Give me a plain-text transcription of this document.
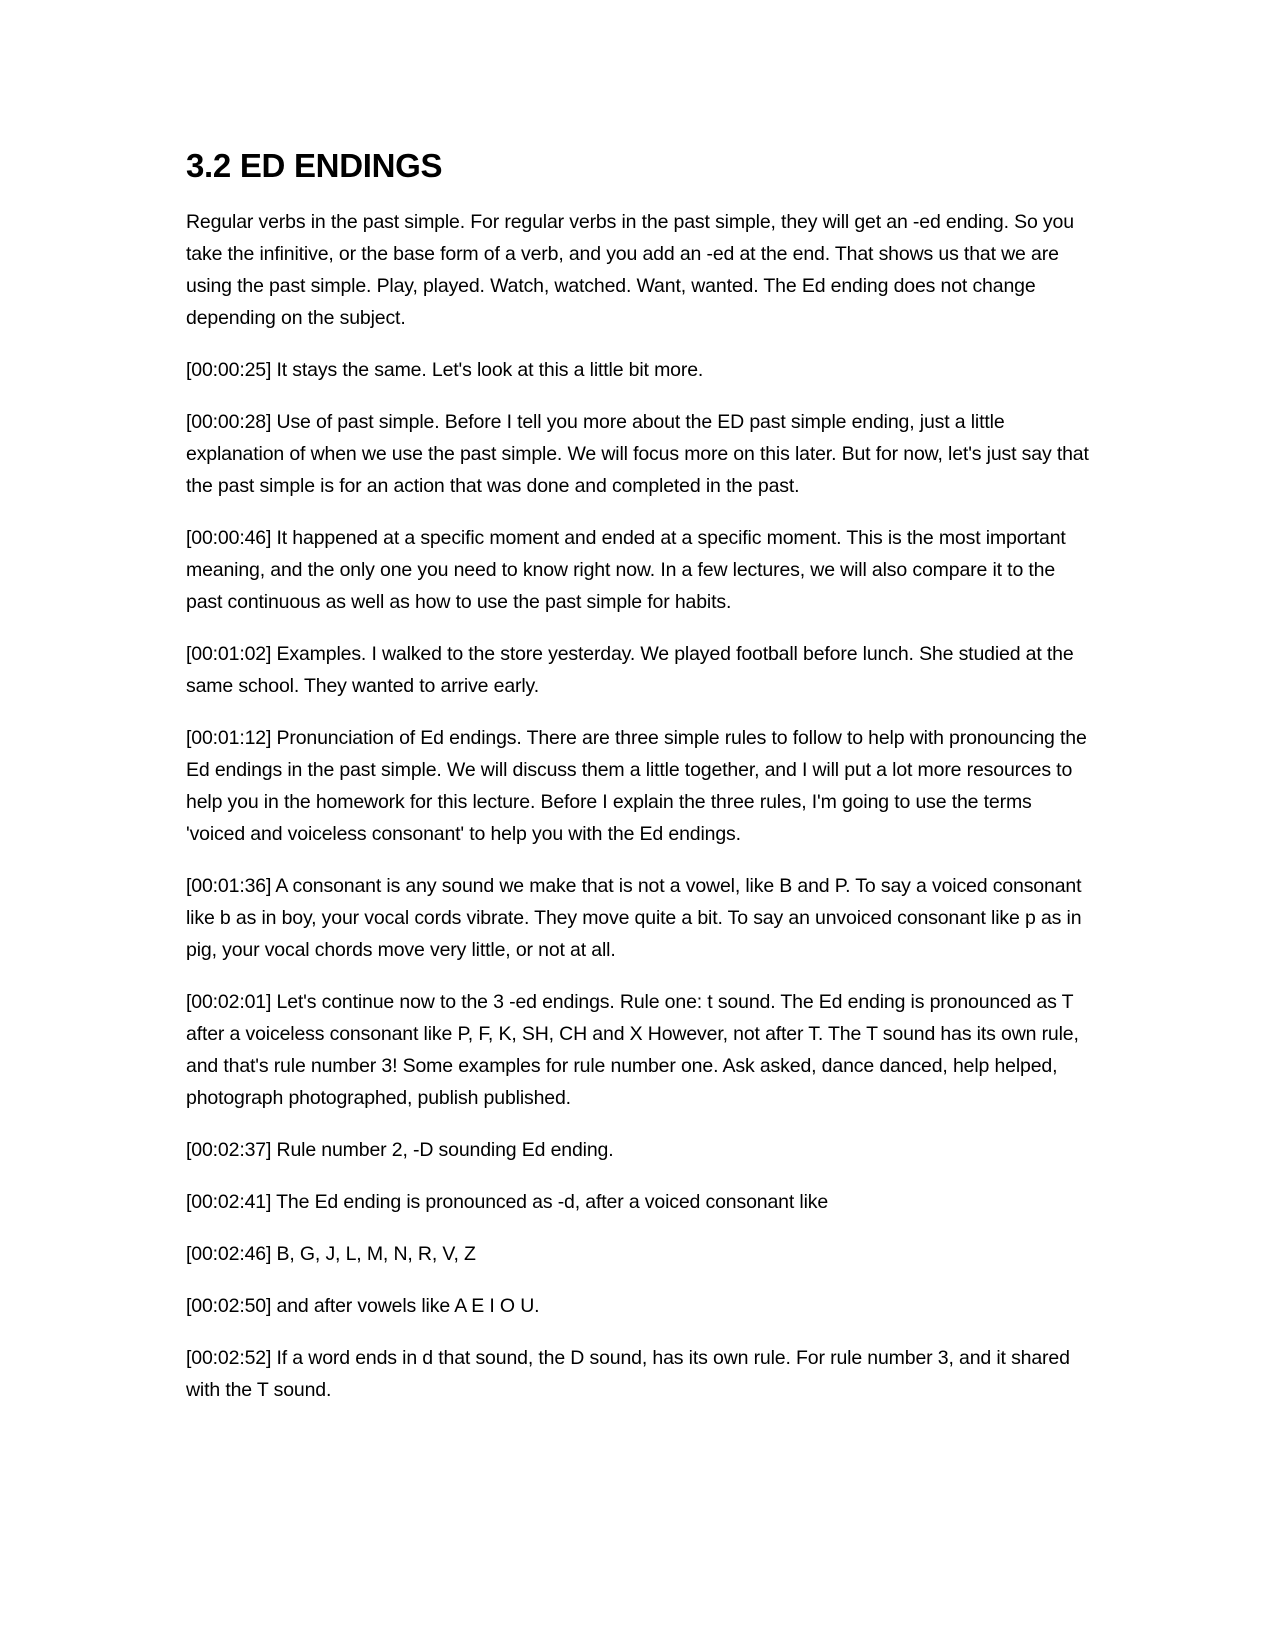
3.2 ED ENDINGS

Regular verbs in the past simple. For regular verbs in the past simple, they will get an -ed ending. So you take the infinitive, or the base form of a verb, and you add an -ed at the end. That shows us that we are using the past simple. Play, played. Watch, watched. Want, wanted. The Ed ending does not change depending on the subject.

[00:00:25] It stays the same. Let's look at this a little bit more.

[00:00:28] Use of past simple. Before I tell you more about the ED past simple ending, just a little explanation of when we use the past simple. We will focus more on this later. But for now, let's just say that the past simple is for an action that was done and completed in the past.

[00:00:46] It happened at a specific moment and ended at a specific moment. This is the most important meaning, and the only one you need to know right now. In a few lectures, we will also compare it to the past continuous as well as how to use the past simple for habits.

[00:01:02] Examples. I walked to the store yesterday. We played football before lunch. She studied at the same school. They wanted to arrive early.

[00:01:12] Pronunciation of Ed endings. There are three simple rules to follow to help with pronouncing the Ed endings in the past simple. We will discuss them a little together, and I will put a lot more resources to help you in the homework for this lecture. Before I explain the three rules, I'm going to use the terms 'voiced and voiceless consonant' to help you with the Ed endings.

[00:01:36] A consonant is any sound we make that is not a vowel, like B and P. To say a voiced consonant like b as in boy, your vocal cords vibrate. They move quite a bit. To say an unvoiced consonant like p as in pig, your vocal chords move very little, or not at all.

[00:02:01] Let's continue now to the 3 -ed endings. Rule one: t sound. The Ed ending is pronounced as T after a voiceless consonant like P, F, K, SH, CH and X However, not after T. The T sound has its own rule, and that's rule number 3! Some examples for rule number one. Ask asked, dance danced, help helped, photograph photographed, publish published.

[00:02:37] Rule number 2, -D sounding Ed ending.

[00:02:41] The Ed ending is pronounced as -d, after a voiced consonant like

[00:02:46] B, G, J, L, M, N, R, V, Z

[00:02:50] and after vowels like A E I O U.

[00:02:52] If a word ends in d that sound, the D sound, has its own rule. For rule number 3, and it shared with the T sound.
